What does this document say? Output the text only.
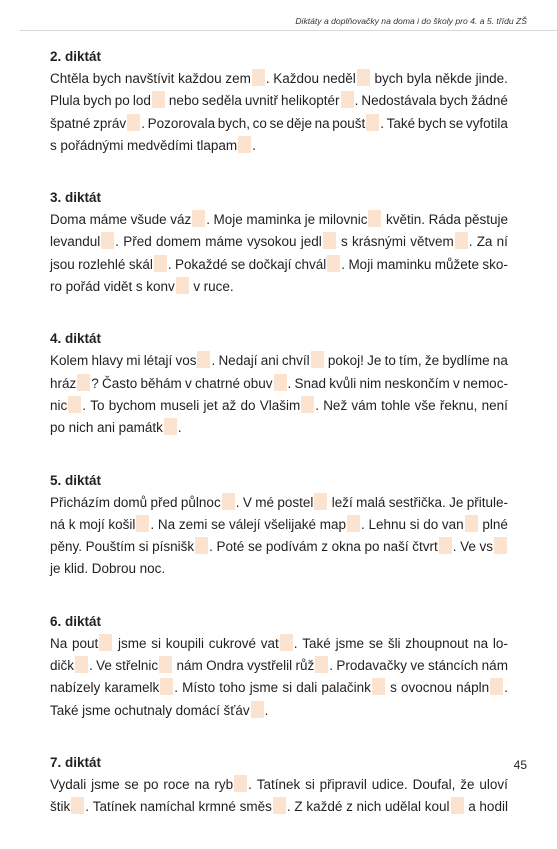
Diktáty a doplňovačky na doma i do školy pro 4. a 5. třídu ZŠ
2. diktát
Chtěla bych navštívit každou zem . Každou neděl	bych byla někde jinde.
Plula bych po lod	nebo seděla uvnitř helikoptér . Nedostávala bych žádné
špatné zpráv . Pozorovala bych, co se děje na poušt . Také bych se vyfotila
s pořádnými medvědími tlapam .
3. diktát
Doma máme všude váz . Moje maminka je milovnic	květin. Ráda pěstuje
levandul . Před domem máme vysokou jedl	s krásnými větvem . Za ní
jsou rozlehlé skál . Pokaždé se dočkají chvál . Moji maminku můžete sko-
ro pořád vidět s konv	v ruce.
4. diktát
Kolem hlavy mi létají vos . Nedají ani chvíl	pokoj! Je to tím, že bydlíme na
hráz ? Často běhám v chatrné obuv . Snad kvůli nim neskončím v nemoc-
nic . To bychom museli jet až do Vlašim . Než vám tohle vše řeknu, není
po nich ani památk .
5. diktát
Přicházím domů před půlnoc . V mé postel	leží malá sestřička. Je přitule-
ná k mojí košil . Na zemi se válejí všelijaké map . Lehnu si do van	plné
pěny. Pouštím si písnišk . Poté se podívám z okna po naší čtvrt . Ve vs
je klid. Dobrou noc.
6. diktát
Na pout	jsme si koupili cukrové vat . Také jsme se šli zhoupnout na lo-
dičk . Ve střelnic	nám Ondra vystřelil růž . Prodavačky ve stáncích nám
nabízely karamelk . Místo toho jsme si dali palačink	s ovocnou nápln .
Také jsme ochutnaly domácí šťáv .
7. diktát
Vydali jsme se po roce na ryb . Tatínek si připravil udice. Doufal, že uloví
štik . Tatínek namíchal krmné směs . Z každé z nich udělal koul	a hodil
45
